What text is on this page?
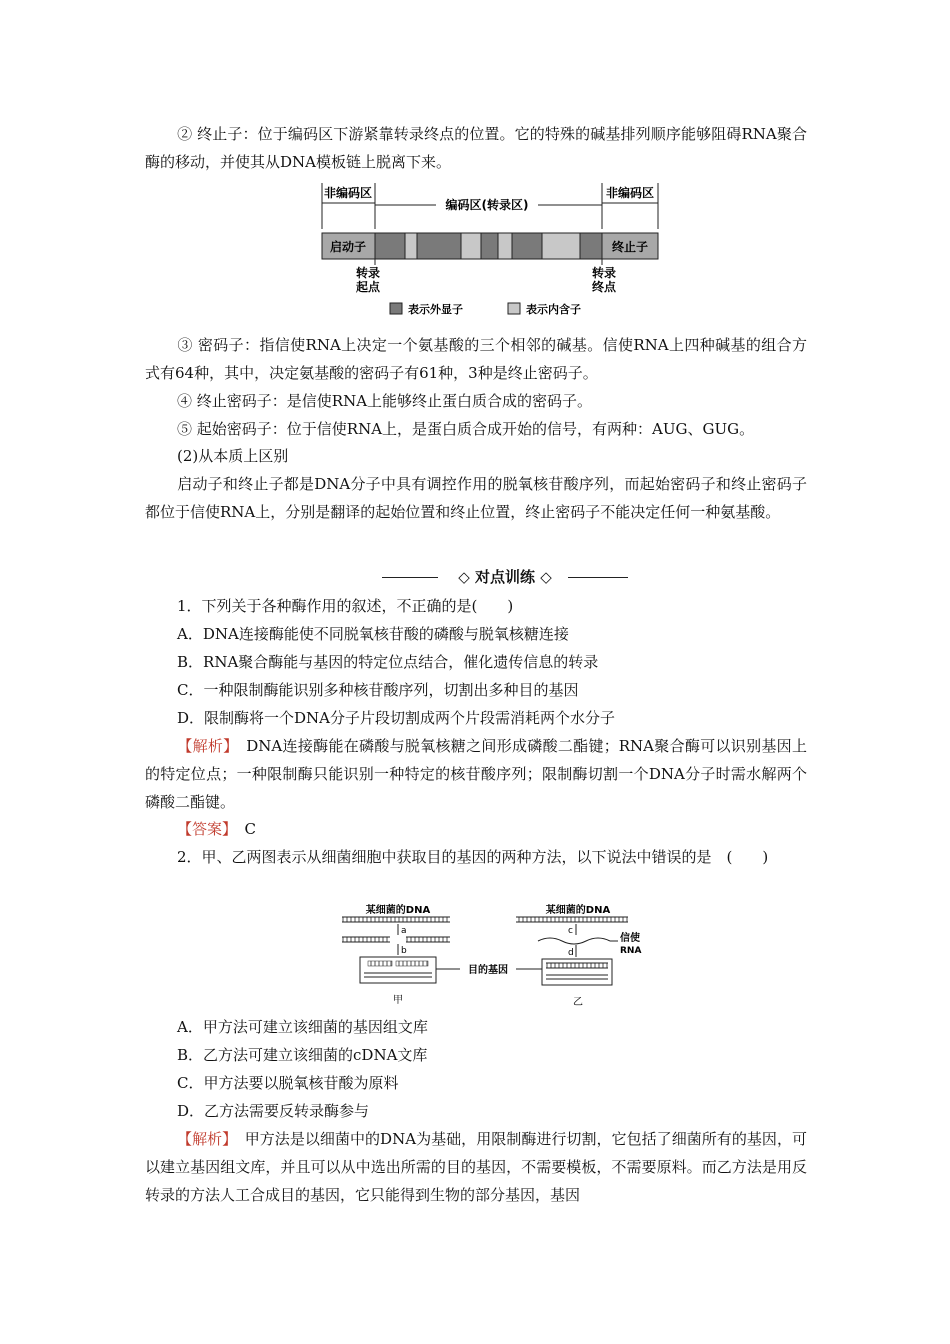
② 终止子：位于编码区下游紧靠转录终点的位置。它的特殊的碱基排列顺序能够阻碍RNA聚合酶的移动，并使其从DNA模板链上脱离下来。
非编码区
编码区(转录区)
非编码区
启动子	终止子
转录
起点
转录
终点
表示外显子	表示内含子
③ 密码子：指信使RNA上决定一个氨基酸的三个相邻的碱基。信使RNA上四种碱基的组合方式有64种，其中，决定氨基酸的密码子有61种，3种是终止密码子。
④ 终止密码子：是信使RNA上能够终止蛋白质合成的密码子。
⑤ 起始密码子：位于信使RNA上，是蛋白质合成开始的信号，有两种：AUG、GUG。
(2)从本质上区别
启动子和终止子都是DNA分子中具有调控作用的脱氧核苷酸序列，而起始密码子和终止密码子都位于信使RNA上，分别是翻译的起始位置和终止位置，终止密码子不能决定任何一种氨基酸。
◇ 对点训练 ◇
1．下列关于各种酶作用的叙述，不正确的是(　　)
A．DNA连接酶能使不同脱氧核苷酸的磷酸与脱氧核糖连接
B．RNA聚合酶能与基因的特定位点结合，催化遗传信息的转录
C．一种限制酶能识别多种核苷酸序列，切割出多种目的基因
D．限制酶将一个DNA分子片段切割成两个片段需消耗两个水分子
【解析】　 DNA连接酶能在磷酸与脱氧核糖之间形成磷酸二酯键；RNA聚合酶可以识别基因上的特定位点；一种限制酶只能识别一种特定的核苷酸序列；限制酶切割一个DNA分子时需水解两个磷酸二酯键。
【答案】　 C
2．甲、乙两图表示从细菌细胞中获取目的基因的两种方法，以下说法中错误的是　(　　)
某细菌的DNA
a
b
甲
目的基因
某细菌的DNA
c
信使
RNA
d
乙
A．甲方法可建立该细菌的基因组文库
B．乙方法可建立该细菌的cDNA文库
C．甲方法要以脱氧核苷酸为原料
D．乙方法需要反转录酶参与
【解析】　 甲方法是以细菌中的DNA为基础，用限制酶进行切割，它包括了细菌所有的基因，可以建立基因组文库，并且可以从中选出所需的目的基因，不需要模板，不需要原料。而乙方法是用反转录的方法人工合成目的基因，它只能得到生物的部分基因，基因
